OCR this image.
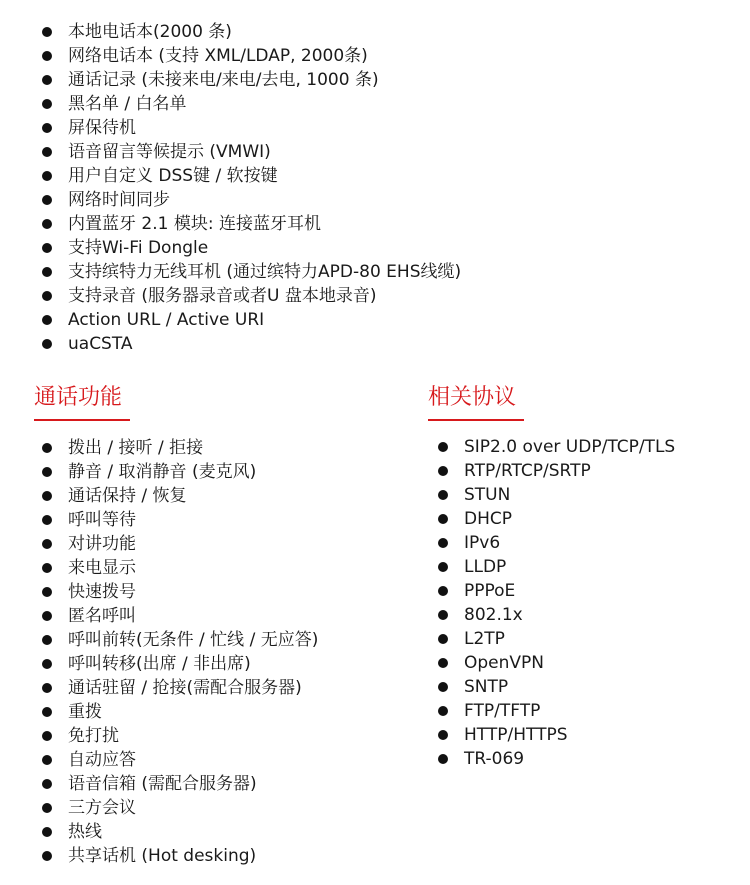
本地电话本(2000 条)
网络电话本 (支持 XML/LDAP, 2000条)
通话记录 (未接来电/来电/去电, 1000 条)
黑名单 / 白名单
屏保待机
语音留言等候提示 (VMWI)
用户自定义 DSS键 / 软按键
网络时间同步
内置蓝牙 2.1 模块: 连接蓝牙耳机
支持Wi-Fi Dongle
支持缤特力无线耳机 (通过缤特力APD-80 EHS线缆)
支持录音 (服务器录音或者U 盘本地录音)
Action URL / Active URI
uaCSTA
通话功能
拨出 / 接听 / 拒接
静音 / 取消静音 (麦克风)
通话保持 / 恢复
呼叫等待
对讲功能
来电显示
快速拨号
匿名呼叫
呼叫前转(无条件 / 忙线 / 无应答)
呼叫转移(出席 / 非出席)
通话驻留 / 抢接(需配合服务器)
重拨
免打扰
自动应答
语音信箱 (需配合服务器)
三方会议
热线
共享话机 (Hot desking)
相关协议
SIP2.0 over UDP/TCP/TLS
RTP/RTCP/SRTP
STUN
DHCP
IPv6
LLDP
PPPoE
802.1x
L2TP
OpenVPN
SNTP
FTP/TFTP
HTTP/HTTPS
TR-069
